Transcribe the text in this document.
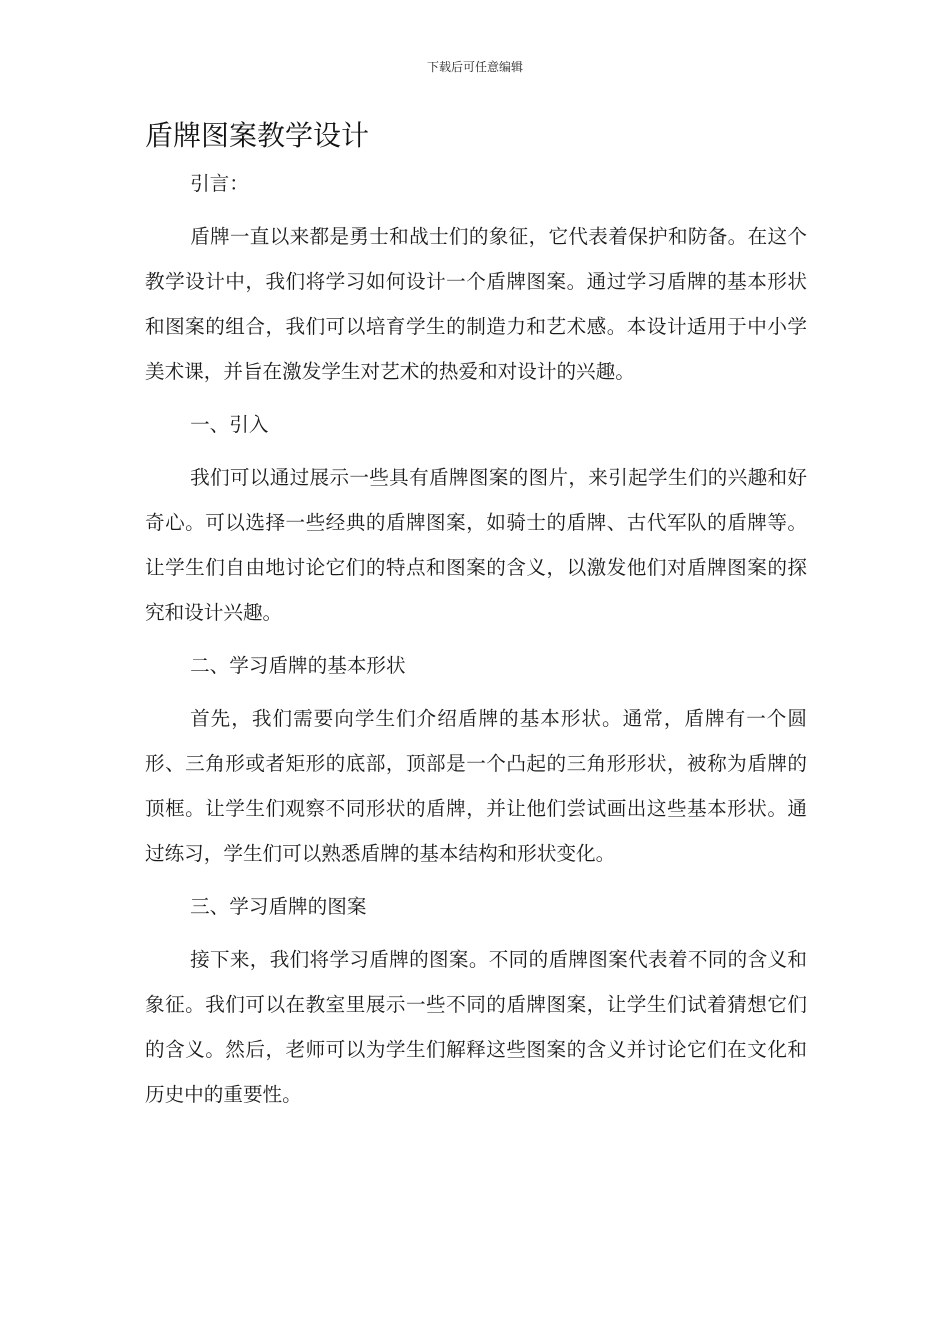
下载后可任意编辑
盾牌图案教学设计

引言：

盾牌一直以来都是勇士和战士们的象征，它代表着保护和防备。在这个教学设计中，我们将学习如何设计一个盾牌图案。通过学习盾牌的基本形状和图案的组合，我们可以培育学生的制造力和艺术感。本设计适用于中小学美术课，并旨在激发学生对艺术的热爱和对设计的兴趣。

一、引入

我们可以通过展示一些具有盾牌图案的图片，来引起学生们的兴趣和好奇心。可以选择一些经典的盾牌图案，如骑士的盾牌、古代军队的盾牌等。让学生们自由地讨论它们的特点和图案的含义，以激发他们对盾牌图案的探究和设计兴趣。

二、学习盾牌的基本形状

首先，我们需要向学生们介绍盾牌的基本形状。通常，盾牌有一个圆形、三角形或者矩形的底部，顶部是一个凸起的三角形形状，被称为盾牌的顶框。让学生们观察不同形状的盾牌，并让他们尝试画出这些基本形状。通过练习，学生们可以熟悉盾牌的基本结构和形状变化。

三、学习盾牌的图案

接下来，我们将学习盾牌的图案。不同的盾牌图案代表着不同的含义和象征。我们可以在教室里展示一些不同的盾牌图案，让学生们试着猜想它们的含义。然后，老师可以为学生们解释这些图案的含义并讨论它们在文化和历史中的重要性。
